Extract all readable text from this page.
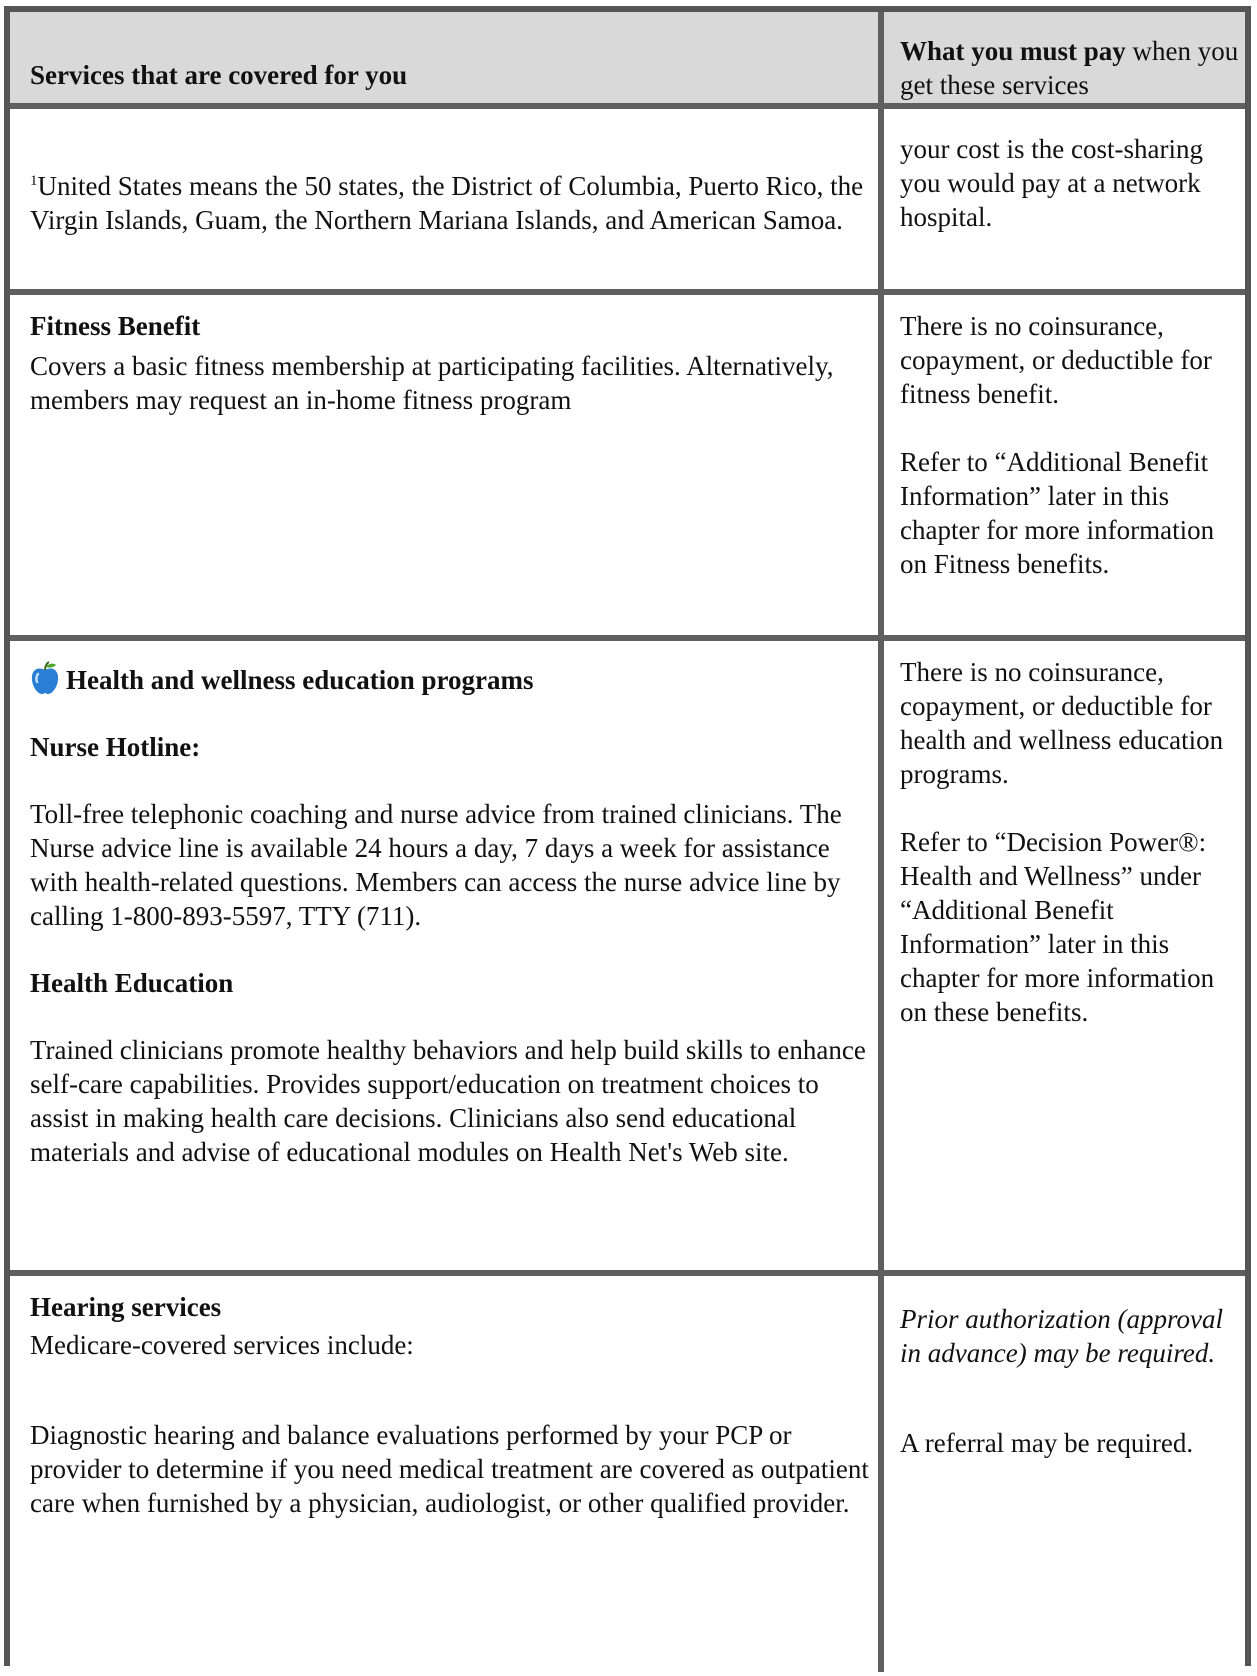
Services that are covered for you
What you must pay when you get these services
$^1$United States means the 50 states, the District of Columbia, Puerto Rico, the Virgin Islands, Guam, the Northern Mariana Islands, and American Samoa.
your cost is the cost-sharing you would pay at a network hospital.

Fitness Benefit

Covers a basic fitness membership at participating facilities. Alternatively, members may request an in-home fitness program

There is no coinsurance, copayment, or deductible for fitness benefit.

Refer to “Additional Benefit Information” later in this chapter for more information on Fitness benefits.

Health and wellness education programs

Nurse Hotline:

Toll-free telephonic coaching and nurse advice from trained clinicians. The Nurse advice line is available 24 hours a day, 7 days a week for assistance with health-related questions. Members can access the nurse advice line by calling 1-800-893-5597, TTY (711).

Health Education

Trained clinicians promote healthy behaviors and help build skills to enhance self-care capabilities. Provides support/education on treatment choices to assist in making health care decisions. Clinicians also send educational materials and advise of educational modules on Health Net's Web site.

There is no coinsurance, copayment, or deductible for health and wellness education programs.

Refer to “Decision Power®: Health and Wellness” under “Additional Benefit Information” later in this chapter for more information on these benefits.

Hearing services

Medicare-covered services include:

Diagnostic hearing and balance evaluations performed by your PCP or provider to determine if you need medical treatment are covered as outpatient care when furnished by a physician, audiologist, or other qualified provider.

Prior authorization (approval in advance) may be required.

A referral may be required.
